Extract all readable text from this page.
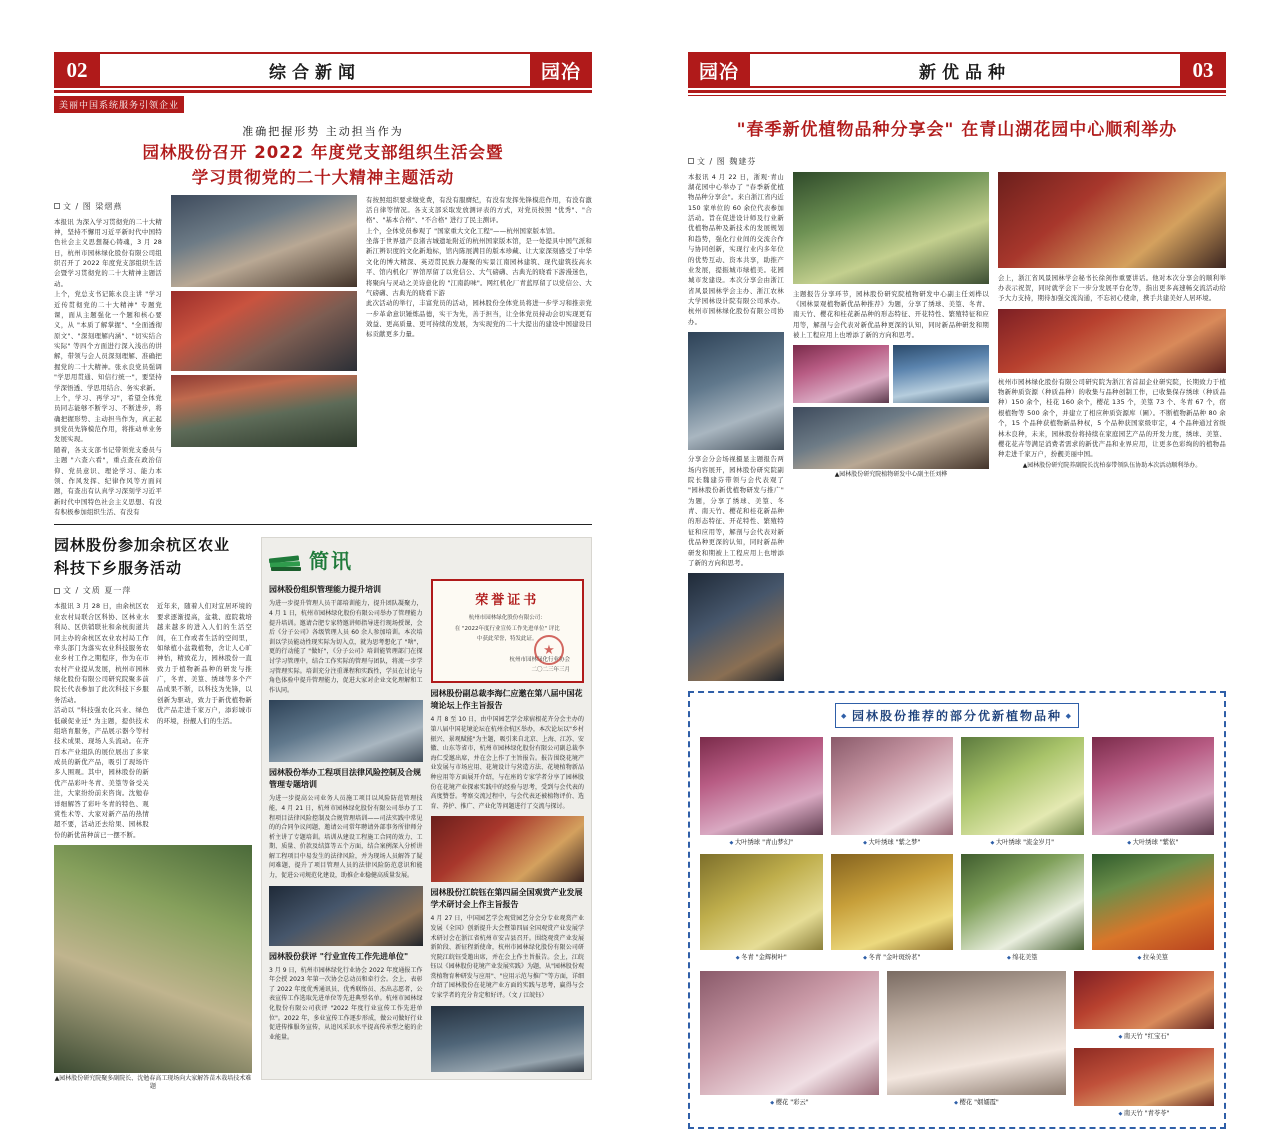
02	综合新闻	园冶
美丽中国系统服务引领企业
准确把握形势 主动担当作为
园林股份召开 2022 年度党支部组织生活会暨
学习贯彻党的二十大精神主题活动
文 / 图 梁熠燕
本报讯 为深入学习贯彻党的二十大精神，坚持不懈用习近平新时代中国特色社会主义思想凝心铸魂，3 月 28 日，杭州市园林绿化股份有限公司组织召开了 2022 年度党支部组织生活会暨学习贯彻党的二十大精神主题活动。
上个，党总支书记陈永良主讲 "学习近传贯彻党的二十大精神" 专题党课，面从主题强化一个题和核心要义，从 "本质了解掌握"、"全面透彻原文"、"深刻理解内涵"、"切实结合实际" 等四个方面进行深入浅出的讲解，带领与会人员深刻理解、准确把握党的二十大精神。张永良党员强调 "学思用贯通、知信行统一"，要坚持学深悟透、学思用结合、务实求新。
上个，学习、再学习"，希望全体党员同志能够不断学习、不断进步，将确把握形势、主动担当作为，真正起到党员先锋模范作用，将推动单业务发展实现。
随着，各支支部书记带领党支委员与主题 "六查六看"，重点查在政治信仰、党员意识、理论学习、能力本领、作风发挥、纪律作风等方面问题，有查出有认真学习深刻学习近平新时代中国特色社会主义思想、有没有积极参加组织生活、有没有
有按照组织要求缴党费，有没有服膺纪，有没有发挥先锋模范作用，有没有激活自律等情况。各支支部采取发放测评表的方式，对党员按照 "优秀"、"合格"、"基本合格"、"不合格" 进行了民主测评。
上个，全体党员参观了 "国家重大文化工程"——杭州国家版本馆。
坐落于世界遗产良渚古城遗址附近的杭州国家版本馆，是一处提具中国气派和新江辨识度的文化新地标，馆内陈展满目的版本珍藏、让大家深刻感受了中华文化的博大精深、英迈贯民族力凝聚的实景江南园林建筑、现代建筑技高水平、馆内机化厂界馆厚留了以党信公、大气磅礴、古典光的晓看下游漫迷色，将聚向与灵动之美诗意化的 "江南韵味"。网红机化厂青蓝厚留了以党信公、大气磅礴、古典光的晓看下游
此次活动的举行，丰富党员的活动，园林股份全体党员将进一步学习和推亲党一步革命意识锤炼品德，实干为先，善于担当，让全体党员持动会切实现更有效益、更高质量、更可持续的发展，为实现党的二十大提出的建设中国建设目标贡献更多力量。
园林股份参加余杭区农业
科技下乡服务活动
文 / 文质 夏一萍
本报讯 3 月 28 日，由余杭区农业农村局联合区科协、区林业水利局、区供销联社和余杭街道共同主办的余杭区农业农村局工作牵头部门为落实农业科技服务农业乡村工作之期程序，作为在市农村产业提从发展，杭州市园林绿化股份有限公司研究院聚多前院长代表参加了此次科技下乡服务活动。
活动以 "科技强农化兴业、绿色低碳促业迁" 为主题，提供技术组培育服务，产品展示器今等村技术成果、现场人头流动。在齐百本产业组队的展位展出了多家成员的新优产品，吸引了现场许多人围观。其中，园林股份的新优产品彩叶冬青、美篁等备受关注，大家纷纷前来咨询。沈勉春详细解答了彩叶冬青的特色、观赏性术等、大家对新产品的热情超不要，活动还去给果、园林股份的新优苗种前已一摆不断。
近年来，随着人们对宜居环境的要求逐渐提高，盆栽、庭院栽培越来越多的进入人们的生活空间，在工作或者生活的空间里，如绿植小盆栽植物，舍让人心旷神怡，精致花力，园林股份一直致力于植物新品种的研发与推广，冬青、美篁、绣球等多个产品成果不断，以科技为先锋，以创新为驱动，致力于新优植物新优产品走进千家万户，添彩城市的环境，扮靓人们的生活。
▲园林股份研究院聚多副院长、沈勉春高工现场向大家解答苗木栽培技术难题
简讯
园林股份组织管理能力提升培训
为进一步提升管理人员干部培训能力，提升团队凝聚力，4 月 1 日，杭州市园林绿化股份有限公司举办了管理能力提升培训。邀请合肥专家特邀讲师指导进行现场授课，会后《分子公司》各级管理人员 60 余人参加培训。本次培训以学员能动性现实际为切入点，就为思考想化了 "啥"，更的行动能了 "做好"，《分子公司》培训能管理部门在探讨学习管理中，结合工作实际的管理与团队，将流一步学习管理实际。培训充分注重课程和实践性，学员在讨论与角色体验中提升管理能力，促进大家对企业文化理解和工作认同。
园林股份举办工程项目法律风险控制及合规管理专题培训
为进一步提高公司业务人员施工项目以风险防范管理技能，4 月 21 日，杭州市园林绿化股份有限公司举办了工程项目法律风险控制及合规管理培训——司法实践中常见的的合同争议问题，邀请公司常年聘请外部事务所律师分析主讲了专题培训。培训从建设工程施工合同的效力、工期、质量、价款及结算等五个方面，结合案例深入分析讲解工程项目中易发生的法律风险，并为现场人员解答了疑问难题，提升了项目管理人员的法律风险防范意识和能力，促进公司规范化建设，助推企业稳健高质量发展。
园林股份获评 "行业宣传工作先进单位"
3 月 9 日，杭州市园林绿化行业协会 2022 年度通报工作年会授 2023 年第一次协会总动员和牵行会。会上，表彰了 2022 年度优秀通讯员、优秀联络员、杰出志愿者，公表宣传工作选取先进单位等先进典型名单。杭州市园林绿化股份有限公司获评 "2022 年度行业宣传工作先进单位"。2022 年，多业宣传工作逐步形成，做公司做好行业促进传推服务宣传，从追风采识水平提高传承型之能的企业能量。
荣誉证书
杭州市园林绿化股份有限公司：
在 "2022年度行业宣传工作先进单位" 评比
中获此荣誉，特发此证。
杭州市园林绿化行业协会
二〇二三年三月
★
园林股份副总裁李海仁应邀在第八届中国花境论坛上作主旨报告
4 月 8 至 10 日，由中国园艺学会球宿根花卉分会主办的第八届中国花境论坛在杭州余杭区举办，本次论坛以"乡村振兴、景观赋能"为主题，吸引来自北京、上海、江苏、安徽、山东等省市，杭州市园林绿化股份有限公司副总裁李海仁受邀出席，并在会上作了主旨报告。报告围绕花境产业发展与市场应用、花境设计与营造方法、花境植物新品种应用等方面展开介绍，与在座的专家学者分享了园林股份在花境产业探索实践中的经验与思考，受到与会代表的高度赞誉。考察交流过程中，与会代表还被植物评价、选育、养护、推广、产业化等问题进行了交流与探讨。
园林股份江皖钰在第四届全国观赏产业发展学术研讨会上作主旨报告
4 月 27 日，中国园艺学会观赏园艺分会分专业观赏产业发展《全国》创新提升大会暨第四届全国观赏产业发展学术研讨会在浙江省杭州市安吉县召开。围绕观赏产业发展新阶段、新征程新使命，杭州市园林绿化股份有限公司研究院江皖钰受邀出席，并在会上作主旨报告。会上，江皖钰以《园林股份花境产业发展实践》为题，从"园林股份观赏植物育种研发与应用"、"应用示范与推广"等方面，详细介绍了园林股份在花境产业方面的实践与思考，赢得与会专家学者的充分肯定和好评。（文 / 江皖钰）
园冶	新优品种	03
"春季新优植物品种分享会" 在青山湖花园中心顺利举办
文 / 图 魏建芬
本报讯 4 月 22 日，浙观·青山湖花园中心举办了 "春季新优植物品种分享会"。来自浙江省内近 150 家单位的 60 余位代表参加活动。旨在促进设计师及行业新优植物品种及新技术的发展规划和趋势，强化行业间的交流合作与协同创新，实现行业内多年位的优势互动、资本共享，助推产业发展，提振城市绿植美。花园城市发建设。本次分享会由浙江省风景园林学会主办、浙江农林大学园林设计院有限公司承办。杭州市园林绿化股份有限公司协办。
分享会分会场视摄显主题报告两场内容展开，园林股份研究院副院长魏建芬带领与会代表观了 "园林股份新优植物研发与推广" 为题，分享了绣球、美篁、冬青、南天竹、樱花和桂花新品种的形态特征、开花特性、繁殖特征和应用等，解剖与会代表对新优品种更深的认知，同时新品种研发和期被上工程应用上也增添了新的方向和思考。
主题报告分享环节，园林股份研究院植物研发中心副主任刘桦以《园林景观植物新优品种推荐》为题，分享了绣球、美篁、冬青、南天竹、樱花和桂花新品种的形态特征、开花特性、繁殖特征和应用等，解剖与会代表对新优品种更深的认知，同时新品种研发和期被上工程应用上也增添了新的方向和思考。
▲园林股份研究院植物研发中心副主任刘桦
会上，浙江省风景园林学会秘书长徐剑作重要讲话。他对本次分享会的顺利举办表示祝贺，同时就学会下一步分发展平台化等，指出更多高速畅交流活动给予大力支持，期待加强交流沟通，不忘初心使命，携手共建美好人居环境。
杭州市园林绿化股份有限公司研究院为浙江省首届企业研究院，长期致力于植物新种质资源（种质品种）的收集与品种创制工作，已收集保存绣球（种质品种）150 余个，桂花 160 余个，樱花 135 个，美篁 73 个、冬青 67 个，宿根植物等 500 余个，并建立了相应种质资源库（圃）。不断植物新品种 80 余个，15 个品种获植物新品种权，5 个品种获国家级审定，4 个品种通过省级林木良种，未来，园林股份将持续在家庭园艺产品的开发力度，绣球、美篁、樱花花卉等满足消费者需求的新优产品和业界应用，让更多色彩绚的的植物品种走进千家万户，扮靓美丽中国。
▲园林股份研究院养副院长沈柏泰带领队伍协助本次活动顺利举办。
◆ 园林股份推荐的部分优新植物品种 ◆
◆ 大叶绣球 "青山梦幻"	◆ 大叶绣球 "紫之梦"	◆ 大叶绣球 "流金岁月"	◆ 大叶绣球 "紫依"
◆ 冬青 "金辉树叶"	◆ 冬青 "金叶斑纷茗"	◆ 绵花美篁	◆ 拉朵美篁
◆ 樱花 "彩云"	◆ 樱花 "姻嬬霞"
◆ 南天竹 "红宝石"
◆ 南天竹 "青苓苓"
